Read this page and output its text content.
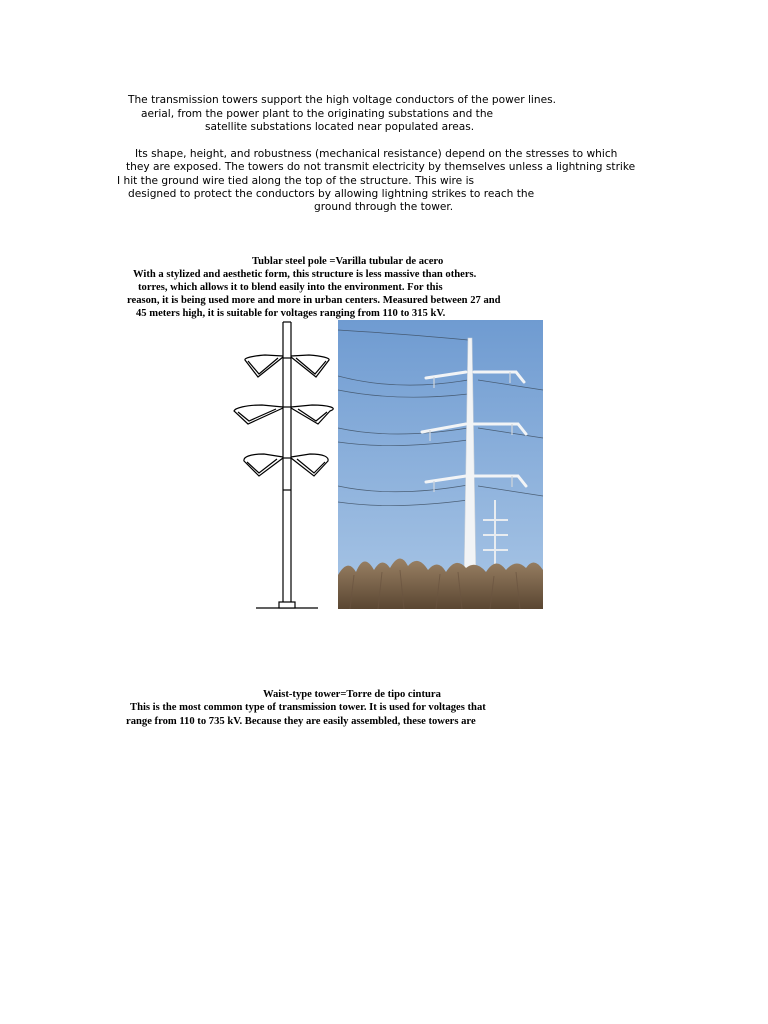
The transmission towers support the high voltage conductors of the power lines.
aerial, from the power plant to the originating substations and the
satellite substations located near populated areas.
Its shape, height, and robustness (mechanical resistance) depend on the stresses to which
they are exposed. The towers do not transmit electricity by themselves unless a lightning strike
I hit the ground wire tied along the top of the structure. This wire is
designed to protect the conductors by allowing lightning strikes to reach the
ground through the tower.
Tublar steel pole =Varilla tubular de acero
With a stylized and aesthetic form, this structure is less massive than others.
torres, which allows it to blend easily into the environment. For this
reason, it is being used more and more in urban centers. Measured between 27 and
45 meters high, it is suitable for voltages ranging from 110 to 315 kV.
Waist-type tower=Torre de tipo cintura
This is the most common type of transmission tower. It is used for voltages that
range from 110 to 735 kV. Because they are easily assembled, these towers are
